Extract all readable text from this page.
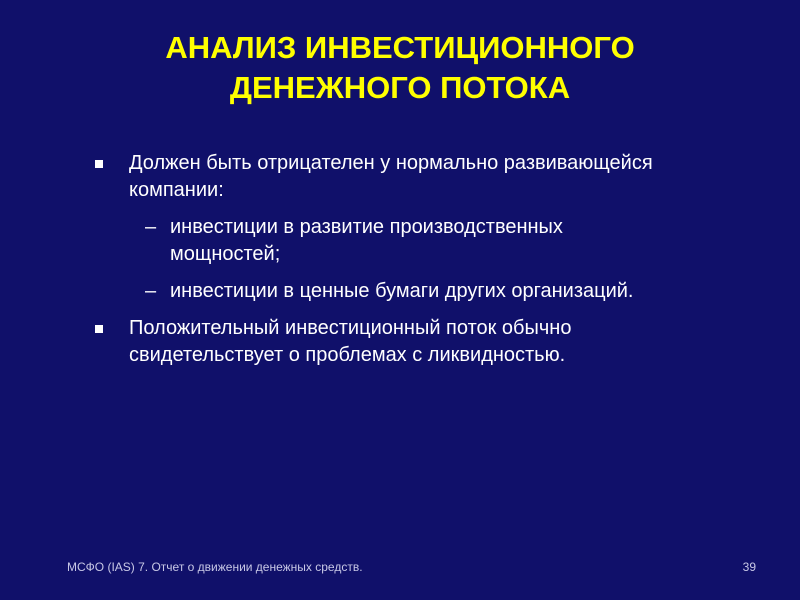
АНАЛИЗ ИНВЕСТИЦИОННОГО
ДЕНЕЖНОГО ПОТОКА
Должен быть отрицателен у нормально развивающейся
компании:
– инвестиции в развитие производственных
мощностей;
– инвестиции в ценные бумаги других организаций.
Положительный инвестиционный поток обычно
свидетельствует о проблемах с ликвидностью.
МСФО (IAS) 7. Отчет о движении денежных средств.	39
